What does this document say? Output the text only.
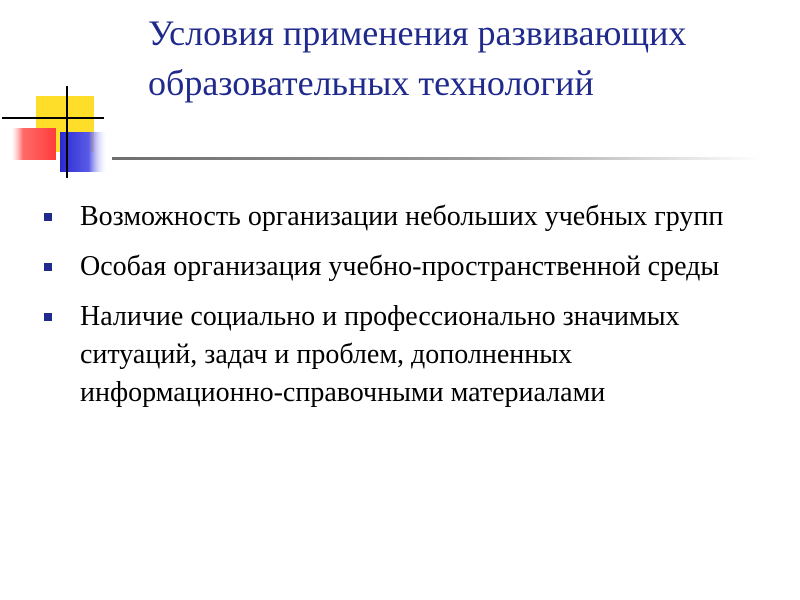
Условия применения развивающих образовательных технологий
Возможность организации небольших учебных групп
Особая организация учебно-пространственной среды
Наличие социально и профессионально значимых ситуаций, задач и проблем, дополненных информационно-справочными материалами
